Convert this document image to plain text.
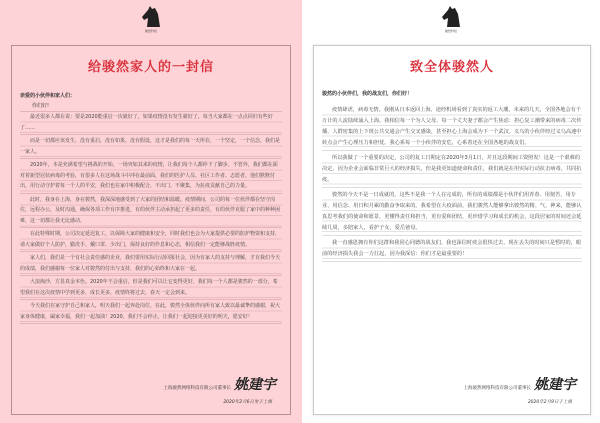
骏然科技
给骏然家人的一封信
亲爱的小伙伴和家人们：
你们好!
最近很多人都在说：要是2020能重启一次就好了，如果疫情没有发生就好了，每当大家都在一点点回归有些好了……
而是一切都应该发生，没有重启，没有如果，没有假设，这才是我们的每一天所在，一个坚定，一个信念，我们是一家人。
2020年，本是充满希望与挑战的开始，一场突如其来的疫情，让我们每个人都停下了脚步。不管外，我们都在面对着新型冠状病毒的考验，有很多人在这场战斗中冲在最前面，我们的医护人员、社区工作者、志愿者，他们默默付出，用行动守护着每一个人的平安，我们也在家中积极配合，不出门、不聚集，为抗疫贡献自己的力量。
此时，我身在上海，身在骏然，我深深地感受到了大家的团结和温暖。疫情期间，公司的每一位伙伴都在坚守岗位，远程办公，及时沟通，确保各项工作有序推进，有的伙伴主动承担起了更多的责任，有的伙伴克服了家中的种种困难，这一切都让我无比感动。
在此特殊时期，公司决定延迟复工，以保障大家的健康和安全，同时我们也会为大家提供必要的防护物资和支持，请大家做好个人防护，勤洗手、戴口罩、少出门，保持良好的作息和心态，相信我们一定能够战胜疫情。
家人们，我们是一个有社会责任感的企业，我们要用实际行动回报社会，因为有家人的支持与理解，才有我们今天的成绩，我们感谢每一位家人对骏然的付出与支持，我们的心始终和大家在一起。
大浪淘沙，方显真金本色。2020年不会重启，但是我们可以让它变得更好，我们每一个人都是骏然的一部分，希望我们在这次疫情中学到更多，成长更多，疫情终将过去，春天一定会到来。
今天我们在家守护自己和家人，明天我们一起奔赴岗位，在此，骏然全体伙伴向所有家人致以最诚挚的感谢，祝大家身体健康，阖家幸福，我们一起加油！2020，我们不会停止，让我们一起迎接更美好的明天，愿安好！
上海骏然网络科技有限公司董事长 姚建宇
2020年2月6日发于上海
骏然科技
致全体骏然人
骏然的小伙伴们，我的战友们，你们好！
疫情肆虐，病毒无情。我刚从日本返回上海，途经机场看到了真实的返工大潮。未来的几天，全国各地会有千万计的人流陆续涌入上海。我相信每一个为人父母、每一个丈夫妻子都会产生焦虑：担心复工潮带来的病毒二次传播，人群密集的上下班公共交通会产生交叉感染，甚至担心上海会成为下一个武汉。义乌的小伙伴经过义乌高速中转点会产生心理压力和担忧。我心系每一个小伙伴的安危，心系着还在全国各地的战友们。
所以我做了一个重要的决定，公司的复工日期定在2020年3月1日，并且这段期间工资照发！这是一个艰难的决定，因为企业会面临非常巨大的经济损失，但是我更知道使命和责任，我们就是在用实际行动抗击病毒，共同抗疫。
骏然的今天不是一日成就的，这些不是我一个人在完成的，所有的成绩都是小伙伴们用青春、用刻苦、用专业、用信念、用日积月累的勤奋争取来的。我希望在大疫面前，我们骏然人能够拿出骏然的精、气、神来，能够认真思考我们的使命和愿景，更懂得责任和担当，更有爱和团结，更珍惜学习和成长的机会，这段居家的时间还会延续几周，多陪家人，看护子女，爱岳爸母。
我一直感恩拥有你们这群和我同心同德的战友们，我也深信时疫会很快过去，现在丢失的时间只是暂时的，眼前的经济损失我会一力扛起，因为我深信：你们才是最重要的！
上海骏然网络科技有限公司董事长 姚建宇
2020年2月9日于上海
